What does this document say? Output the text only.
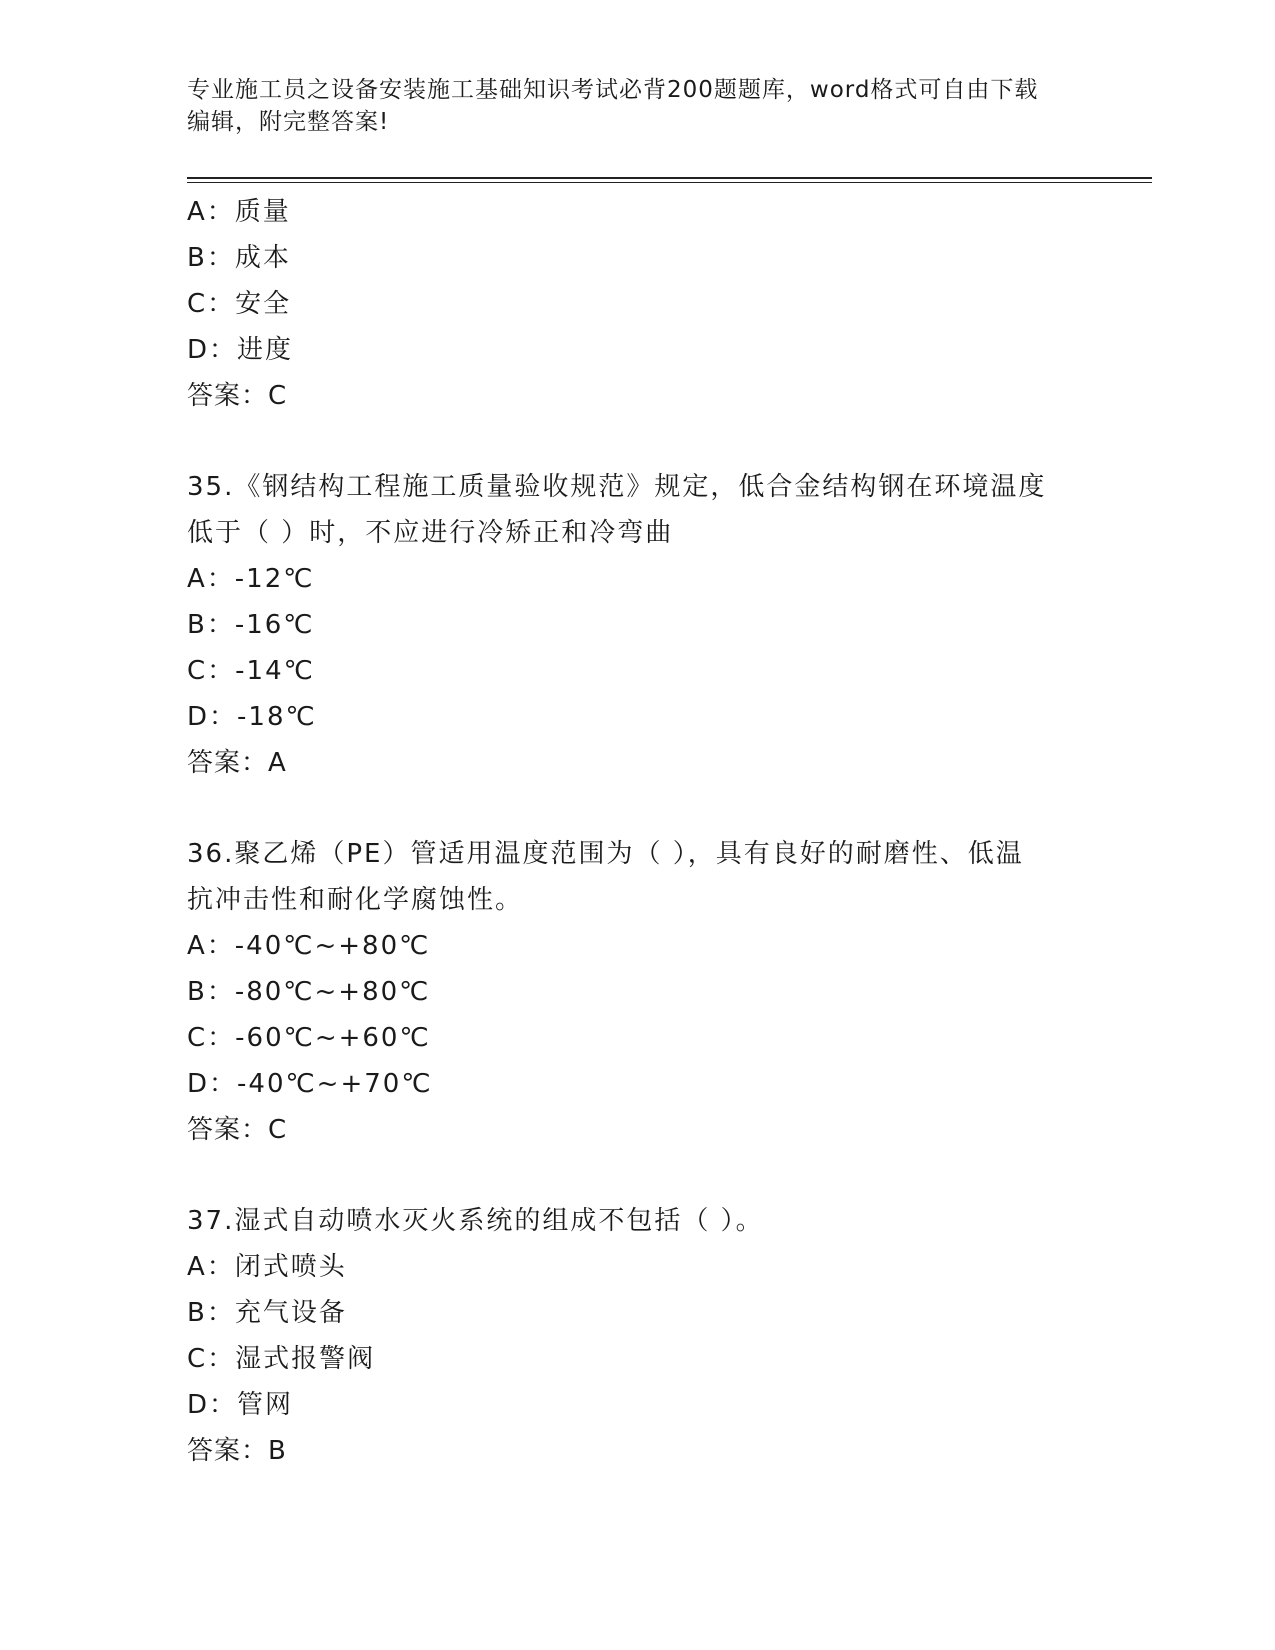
专业施工员之设备安装施工基础知识考试必背200题题库，word格式可自由下载
编辑，附完整答案!
A：质量
B：成本
C：安全
D：进度
答案：C
35.《钢结构工程施工质量验收规范》规定，低合金结构钢在环境温度
低于（ ）时，不应进行冷矫正和冷弯曲
A：-12℃
B：-16℃
C：-14℃
D：-18℃
答案：A
36.聚乙烯（PE）管适用温度范围为（ ），具有良好的耐磨性、低温
抗冲击性和耐化学腐蚀性。
A：-40℃~+80℃
B：-80℃~+80℃
C：-60℃~+60℃
D：-40℃~+70℃
答案：C
37.湿式自动喷水灭火系统的组成不包括（ ）。
A：闭式喷头
B：充气设备
C：湿式报警阀
D：管网
答案：B
